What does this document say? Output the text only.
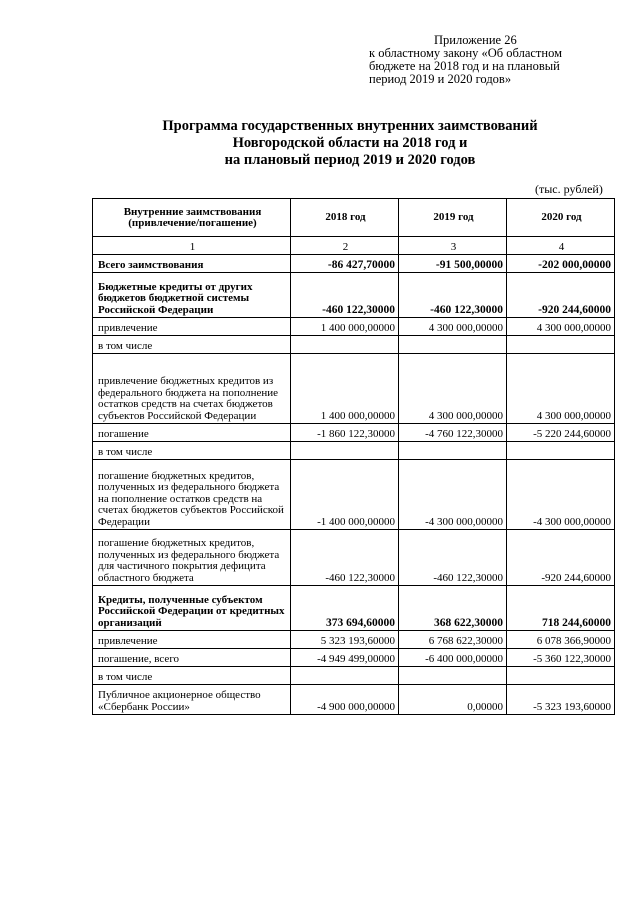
Приложение 26
к областному закону «Об областном
бюджете на 2018 год и на плановый
период 2019 и 2020 годов»
Программа государственных внутренних заимствований
Новгородской области на 2018 год и
на плановый период 2019 и 2020 годов
(тыс. рублей)
Внутренние заимствования (привлечение/погашение)	2018 год	2019 год	2020 год
1	2	3	4
Всего заимствования	-86 427,70000	-91 500,00000	-202 000,00000
Бюджетные кредиты от других бюджетов бюджетной системы Российской Федерации	-460 122,30000	-460 122,30000	-920 244,60000
привлечение	1 400 000,00000	4 300 000,00000	4 300 000,00000
в том числе			
привлечение бюджетных кредитов из федерального бюджета на пополнение остатков средств на счетах бюджетов субъектов Российской Федерации	1 400 000,00000	4 300 000,00000	4 300 000,00000
погашение	-1 860 122,30000	-4 760 122,30000	-5 220 244,60000
в том числе			
погашение бюджетных кредитов, полученных из федерального бюджета на пополнение остатков средств на счетах бюджетов субъектов Российской Федерации	-1 400 000,00000	-4 300 000,00000	-4 300 000,00000
погашение бюджетных кредитов, полученных из федерального бюджета для частичного покрытия дефицита областного бюджета	-460 122,30000	-460 122,30000	-920 244,60000
Кредиты, полученные субъектом Российской Федерации от кредитных организаций	373 694,60000	368 622,30000	718 244,60000
привлечение	5 323 193,60000	6 768 622,30000	6 078 366,90000
погашение, всего	-4 949 499,00000	-6 400 000,00000	-5 360 122,30000
в том числе			
Публичное акционерное общество «Сбербанк России»	-4 900 000,00000	0,00000	-5 323 193,60000
